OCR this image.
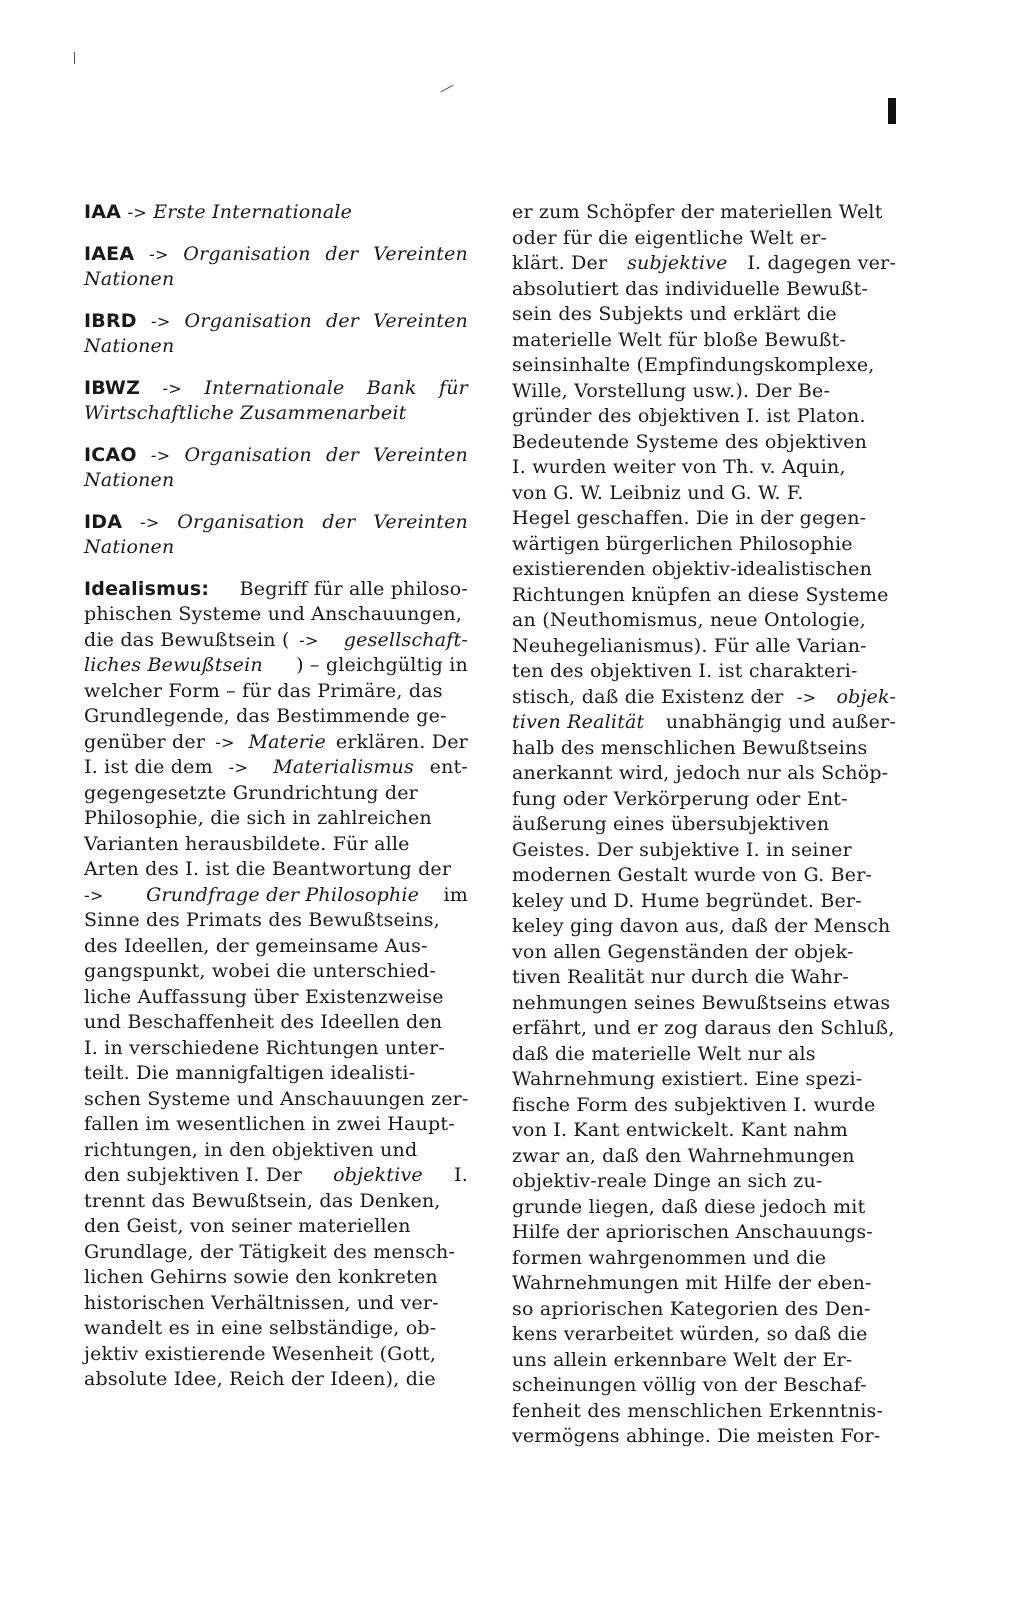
IAA
->
Erste Internationale
IAEA
->
Organisation
der
Vereinten
Nationen
IBRD
->
Organisation
der
Vereinten
Nationen
IBWZ
->
Internationale
Bank
für
Wirtschaftliche Zusammenarbeit
ICAO
->
Organisation
der
Vereinten
Nationen
IDA
->
Organisation
der
Vereinten
Nationen
Idealismus: Begriff für alle philoso-
phischen Systeme und Anschauungen,
die das Bewußtsein ( ->
gesellschaft-
liches Bewußtsein ) – gleichgültig in
welcher Form – für das Primäre, das
Grundlegende, das Bestimmende ge-
genüber der ->
Materie erklären. Der
I. ist die dem ->
Materialismus ent-
gegengesetzte Grundrichtung der
Philosophie, die sich in zahlreichen
Varianten herausbildete. Für alle
Arten des I. ist die Beantwortung der
->
Grundfrage der Philosophie im
Sinne des Primats des Bewußtseins,
des Ideellen, der gemeinsame Aus-
gangspunkt, wobei die unterschied-
liche Auffassung über Existenzweise
und Beschaffenheit des Ideellen den
I. in verschiedene Richtungen unter-
teilt. Die mannigfaltigen idealisti-
schen Systeme und Anschauungen zer-
fallen im wesentlichen in zwei Haupt-
richtungen, in den objektiven und
den subjektiven I. Der objektive I.
trennt das Bewußtsein, das Denken,
den Geist, von seiner materiellen
Grundlage, der Tätigkeit des mensch-
lichen Gehirns sowie den konkreten
historischen Verhältnissen, und ver-
wandelt es in eine selbständige, ob-
jektiv existierende Wesenheit (Gott,
absolute Idee, Reich der Ideen), die
er zum Schöpfer der materiellen Welt
oder für die eigentliche Welt er-
klärt. Der subjektive I. dagegen ver-
absolutiert das individuelle Bewußt-
sein des Subjekts und erklärt die
materielle Welt für bloße Bewußt-
seinsinhalte (Empfindungskomplexe,
Wille, Vorstellung usw.). Der Be-
gründer des objektiven I. ist Platon.
Bedeutende Systeme des objektiven
I. wurden weiter von Th. v. Aquin,
von G. W. Leibniz und G. W. F.
Hegel geschaffen. Die in der gegen-
wärtigen bürgerlichen Philosophie
existierenden objektiv-idealistischen
Richtungen knüpfen an diese Systeme
an (Neuthomismus, neue Ontologie,
Neuhegelianismus). Für alle Varian-
ten des objektiven I. ist charakteri-
stisch, daß die Existenz der ->
objek-
tiven Realität unabhängig und außer-
halb des menschlichen Bewußtseins
anerkannt wird, jedoch nur als Schöp-
fung oder Verkörperung oder Ent-
äußerung eines übersubjektiven
Geistes. Der subjektive I. in seiner
modernen Gestalt wurde von G. Ber-
keley und D. Hume begründet. Ber-
keley ging davon aus, daß der Mensch
von allen Gegenständen der objek-
tiven Realität nur durch die Wahr-
nehmungen seines Bewußtseins etwas
erfährt, und er zog daraus den Schluß,
daß die materielle Welt nur als
Wahrnehmung existiert. Eine spezi-
fische Form des subjektiven I. wurde
von I. Kant entwickelt. Kant nahm
zwar an, daß den Wahrnehmungen
objektiv-reale Dinge an sich zu-
grunde liegen, daß diese jedoch mit
Hilfe der apriorischen Anschauungs-
formen wahrgenommen und die
Wahrnehmungen mit Hilfe der eben-
so apriorischen Kategorien des Den-
kens verarbeitet würden, so daß die
uns allein erkennbare Welt der Er-
scheinungen völlig von der Beschaf-
fenheit des menschlichen Erkenntnis-
vermögens abhinge. Die meisten For-
